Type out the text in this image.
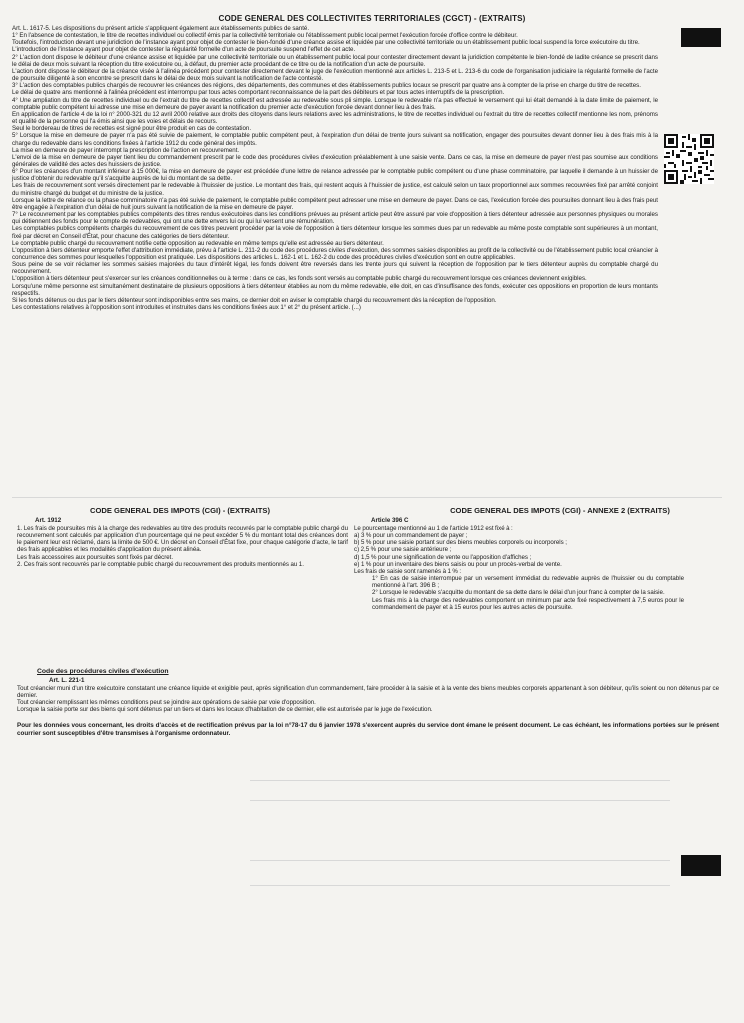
CODE GENERAL DES COLLECTIVITES TERRITORIALES (CGCT) - (EXTRAITS)

Art. L. 1617-5. Les dispositions du présent article s'appliquent également aux établissements publics de santé.

1° En l'absence de contestation, le titre de recettes individuel ou collectif émis par la collectivité territoriale ou l'établissement public local permet l'exécution forcée d'office contre le débiteur.

Toutefois, l'introduction devant une juridiction de l'instance ayant pour objet de contester le bien-fondé d'une créance assise et liquidée par une collectivité territoriale ou un établissement public local suspend la force exécutoire du titre.

L'introduction de l'instance ayant pour objet de contester la régularité formelle d'un acte de poursuite suspend l'effet de cet acte.

2° L'action dont dispose le débiteur d'une créance assise et liquidée par une collectivité territoriale ou un établissement public local pour contester directement devant la juridiction compétente le bien-fondé de ladite créance se prescrit dans le délai de deux mois suivant la réception du titre exécutoire ou, à défaut, du premier acte procédant de ce titre ou de la notification d'un acte de poursuite.

L'action dont dispose le débiteur de la créance visée à l'alinéa précédent pour contester directement devant le juge de l'exécution mentionné aux articles L. 213-5 et L. 213-6 du code de l'organisation judiciaire la régularité formelle de l'acte de poursuite diligenté à son encontre se prescrit dans le délai de deux mois suivant la notification de l'acte contesté.

3° L'action des comptables publics chargés de recouvrer les créances des régions, des départements, des communes et des établissements publics locaux se prescrit par quatre ans à compter de la prise en charge du titre de recettes.

Le délai de quatre ans mentionné à l'alinéa précédent est interrompu par tous actes comportant reconnaissance de la part des débiteurs et par tous actes interruptifs de la prescription.

4° Une ampliation du titre de recettes individuel ou de l'extrait du titre de recettes collectif est adressée au redevable sous pli simple. Lorsque le redevable n'a pas effectué le versement qui lui était demandé à la date limite de paiement, le comptable public compétent lui adresse une mise en demeure de payer avant la notification du premier acte d'exécution forcée devant donner lieu à des frais.

En application de l'article 4 de la loi n° 2000-321 du 12 avril 2000 relative aux droits des citoyens dans leurs relations avec les administrations, le titre de recettes individuel ou l'extrait du titre de recettes collectif mentionne les nom, prénoms et qualité de la personne qui l'a émis ainsi que les voies et délais de recours.

Seul le bordereau de titres de recettes est signé pour être produit en cas de contestation.

5° Lorsque la mise en demeure de payer n'a pas été suivie de paiement, le comptable public compétent peut, à l'expiration d'un délai de trente jours suivant sa notification, engager des poursuites devant donner lieu à des frais mis à la charge du redevable dans les conditions fixées à l'article 1912 du code général des impôts.

La mise en demeure de payer interrompt la prescription de l'action en recouvrement.

L'envoi de la mise en demeure de payer tient lieu du commandement prescrit par le code des procédures civiles d'exécution préalablement à une saisie vente. Dans ce cas, la mise en demeure de payer n'est pas soumise aux conditions générales de validité des actes des huissiers de justice.

6° Pour les créances d'un montant inférieur à 15 000€, la mise en demeure de payer est précédée d'une lettre de relance adressée par le comptable public compétent ou d'une phase comminatoire, par laquelle il demande à un huissier de justice d'obtenir du redevable qu'il s'acquitte auprès de lui du montant de sa dette.

Les frais de recouvrement sont versés directement par le redevable à l'huissier de justice. Le montant des frais, qui restent acquis à l'huissier de justice, est calculé selon un taux proportionnel aux sommes recouvrées fixé par arrêté conjoint du ministre chargé du budget et du ministre de la justice.

Lorsque la lettre de relance ou la phase comminatoire n'a pas été suivie de paiement, le comptable public compétent peut adresser une mise en demeure de payer. Dans ce cas, l'exécution forcée des poursuites donnant lieu à des frais peut être engagée à l'expiration d'un délai de huit jours suivant la notification de la mise en demeure de payer.

7° Le recouvrement par les comptables publics compétents des titres rendus exécutoires dans les conditions prévues au présent article peut être assuré par voie d'opposition à tiers détenteur adressée aux personnes physiques ou morales qui détiennent des fonds pour le compte de redevables, qui ont une dette envers lui ou qui lui versent une rémunération.

Les comptables publics compétents chargés du recouvrement de ces titres peuvent procéder par la voie de l'opposition à tiers détenteur lorsque les sommes dues par un redevable au même poste comptable sont supérieures à un montant, fixé par décret en Conseil d'État, pour chacune des catégories de tiers détenteur.

Le comptable public chargé du recouvrement notifie cette opposition au redevable en même temps qu'elle est adressée au tiers détenteur.

L'opposition à tiers détenteur emporte l'effet d'attribution immédiate, prévu à l'article L. 211-2 du code des procédures civiles d'exécution, des sommes saisies disponibles au profit de la collectivité ou de l'établissement public local créancier à concurrence des sommes pour lesquelles l'opposition est pratiquée. Les dispositions des articles L. 162-1 et L. 162-2 du code des procédures civiles d'exécution sont en outre applicables.

Sous peine de se voir réclamer les sommes saisies majorées du taux d'intérêt légal, les fonds doivent être reversés dans les trente jours qui suivent la réception de l'opposition par le tiers détenteur auprès du comptable chargé du recouvrement.

L'opposition à tiers détenteur peut s'exercer sur les créances conditionnelles ou à terme : dans ce cas, les fonds sont versés au comptable public chargé du recouvrement lorsque ces créances deviennent exigibles.

Lorsqu'une même personne est simultanément destinataire de plusieurs oppositions à tiers détenteur établies au nom du même redevable, elle doit, en cas d'insuffisance des fonds, exécuter ces oppositions en proportion de leurs montants respectifs.

Si les fonds détenus ou dus par le tiers détenteur sont indisponibles entre ses mains, ce dernier doit en aviser le comptable chargé du recouvrement dès la réception de l'opposition.

Les contestations relatives à l'opposition sont introduites et instruites dans les conditions fixées aux 1° et 2° du présent article. (...)

CODE GENERAL DES IMPOTS (CGI) - (EXTRAITS)	CODE GENERAL DES IMPOTS (CGI) - ANNEXE 2 (EXTRAITS)
Art. 1912	Article 396 C

1. Les frais de poursuites mis à la charge des redevables au titre des produits recouvrés par le comptable public chargé du recouvrement sont calculés par application d'un pourcentage qui ne peut excéder 5 % du montant total des créances dont le paiement leur est réclamé, dans la limite de 500 €. Un décret en Conseil d'État fixe, pour chaque catégorie d'acte, le tarif des frais applicables et les modalités d'application du présent alinéa.

Les frais accessoires aux poursuites sont fixés par décret.

2. Ces frais sont recouvrés par le comptable public chargé du recouvrement des produits mentionnés au 1.

Le pourcentage mentionné au 1 de l'article 1912 est fixé à :

a) 3 % pour un commandement de payer ;

b) 5 % pour une saisie portant sur des biens meubles corporels ou incorporels ;

c) 2,5 % pour une saisie antérieure ;

d) 1,5 % pour une signification de vente ou l'apposition d'affiches ;

e) 1 % pour un inventaire des biens saisis ou pour un procès-verbal de vente.

Les frais de saisie sont ramenés à 1 % :

1° En cas de saisie interrompue par un versement immédiat du redevable auprès de l'huissier ou du comptable mentionné à l'art. 396 B ;

2° Lorsque le redevable s'acquitte du montant de sa dette dans le délai d'un jour franc à compter de la saisie.

Les frais mis à la charge des redevables comportent un minimum par acte fixé respectivement à 7,5 euros pour le commandement de payer et à 15 euros pour les autres actes de poursuite.

Code des procédures civiles d'exécution
Art. L. 221-1

Tout créancier muni d'un titre exécutoire constatant une créance liquide et exigible peut, après signification d'un commandement, faire procéder à la saisie et à la vente des biens meubles corporels appartenant à son débiteur, qu'ils soient ou non détenus par ce dernier.

Tout créancier remplissant les mêmes conditions peut se joindre aux opérations de saisie par voie d'opposition.

Lorsque la saisie porte sur des biens qui sont détenus par un tiers et dans les locaux d'habitation de ce dernier, elle est autorisée par le juge de l'exécution.

Pour les données vous concernant, les droits d'accès et de rectification prévus par la loi n°78-17 du 6 janvier 1978 s'exercent auprès du service dont émane le présent document. Le cas échéant, les informations portées sur le présent courrier sont susceptibles d'être transmises à l'organisme ordonnateur.
